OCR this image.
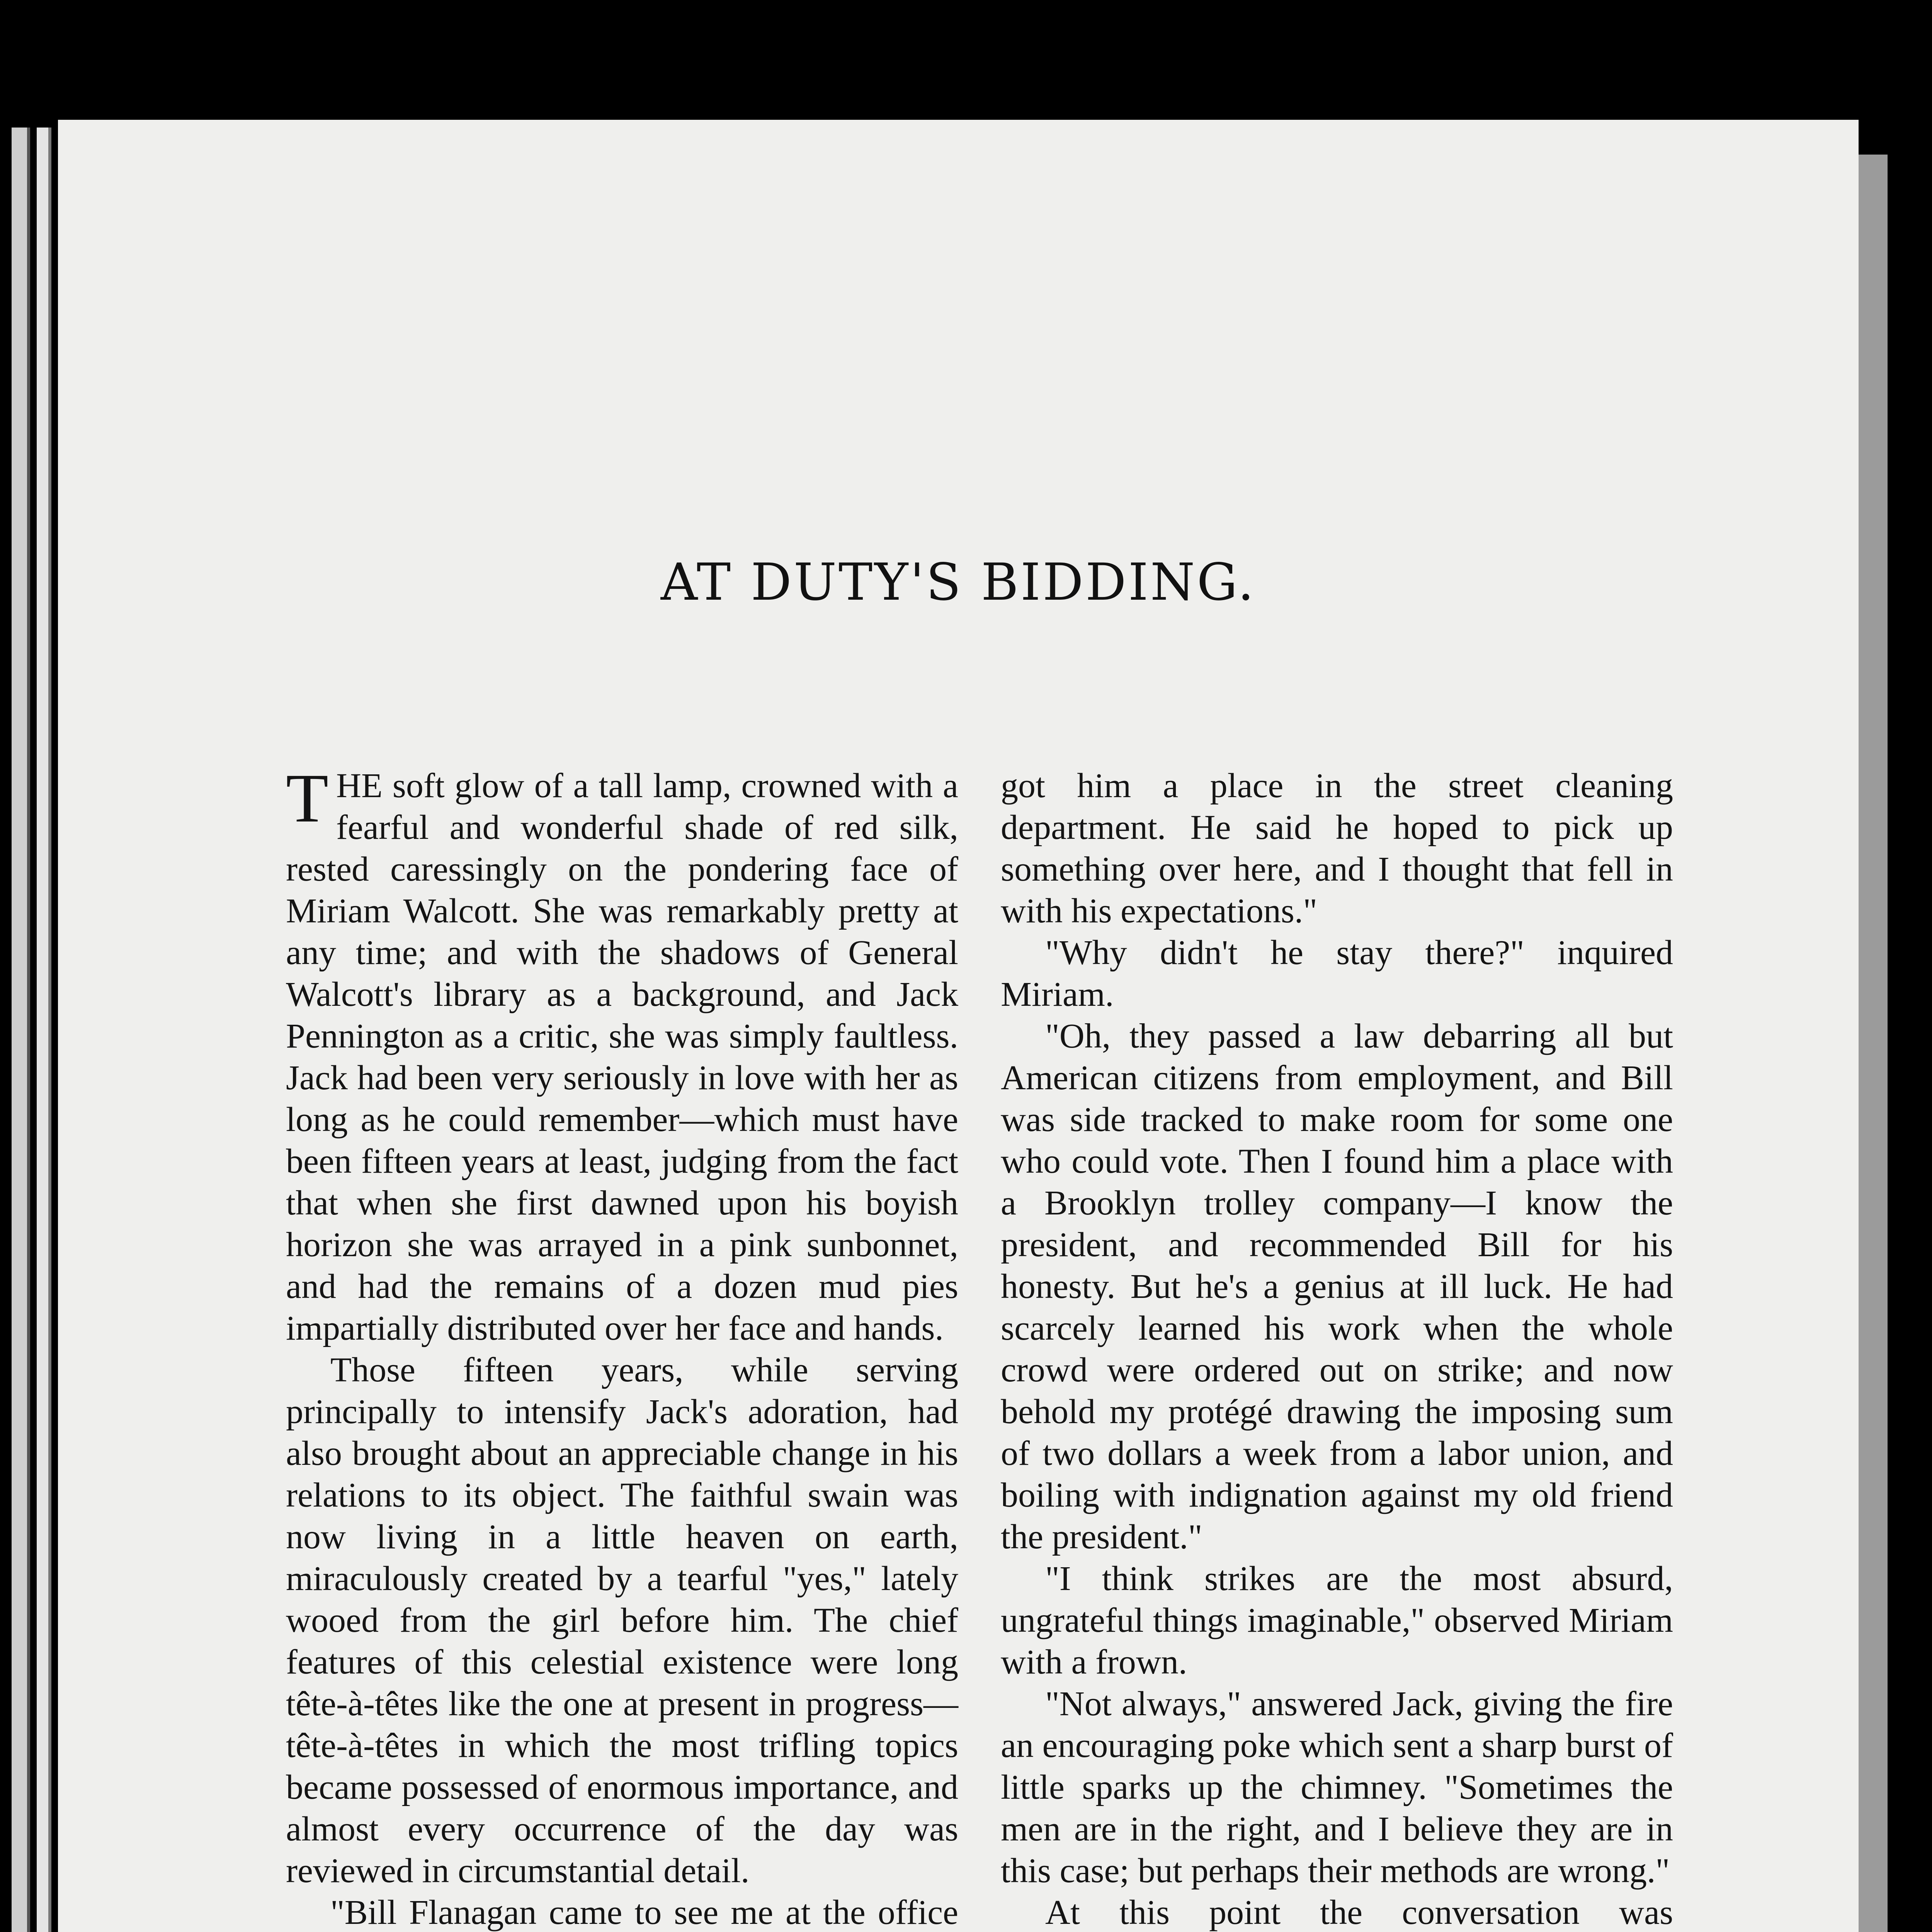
AT DUTY'S BIDDING.

THE soft glow of a tall lamp, crowned with a fearful and wonderful shade of red silk, rested caressingly on the pondering face of Miriam Walcott. She was remarkably pretty at any time; and with the shadows of General Walcott's library as a background, and Jack Pennington as a critic, she was simply faultless. Jack had been very seriously in love with her as long as he could remember—which must have been fifteen years at least, judging from the fact that when she first dawned upon his boyish horizon she was arrayed in a pink sunbonnet, and had the remains of a dozen mud pies impartially distributed over her face and hands.

Those fifteen years, while serving principally to intensify Jack's adoration, had also brought about an appreciable change in his relations to its object. The faithful swain was now living in a little heaven on earth, miraculously created by a tearful "yes," lately wooed from the girl before him. The chief features of this celestial existence were long tête-à-têtes like the one at present in progress—tête-à-têtes in which the most trifling topics became possessed of enormous importance, and almost every occurrence of the day was reviewed in circumstantial detail.

"Bill Flanagan came to see me at the office

got him a place in the street cleaning department. He said he hoped to pick up something over here, and I thought that fell in with his expectations."

"Why didn't he stay there?" inquired Miriam.

"Oh, they passed a law debarring all but American citizens from employment, and Bill was side tracked to make room for some one who could vote. Then I found him a place with a Brooklyn trolley company—I know the president, and recommended Bill for his honesty. But he's a genius at ill luck. He had scarcely learned his work when the whole crowd were ordered out on strike; and now behold my protégé drawing the imposing sum of two dollars a week from a labor union, and boiling with indignation against my old friend the president."

"I think strikes are the most absurd, ungrateful things imaginable," observed Miriam with a frown.

"Not always," answered Jack, giving the fire an encouraging poke which sent a sharp burst of little sparks up the chimney. "Sometimes the men are in the right, and I believe they are in this case; but perhaps their methods are wrong."

At this point the conversation was
